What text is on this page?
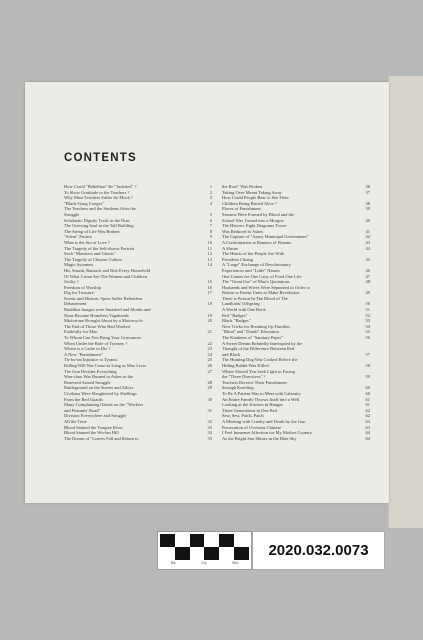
CONTENTS
How Could "Rebellion" Be "Justified" ?	1
To Show Gratitude to the Teachers ?	2
Why Must Teachers Suffer So Much ?	3
"Black-Gang Cooges"	4
The Teachers and the Students After the
Struggle	5
Scholastic Dignity Trails in the Dust	6
The Grieving Soul in the Tall Building	7
The String of Life Was Broken	8
"Silent" Protest	9
What is the Sin of Love ?	10
The Tragedy of the Self-drawn Portrait	11
Such "Monsters and Ghosts"	12
The Tragedy of Chinese Culture	13
Magic Sytonnes	14
Hit, Smash, Ransack and Rob Every Household
Of What Crime Are The Women and Children
Guilty ?	15
Freedom of Worship	16
Dig for Treasure	17
Scenic and Historic Spots Suffer Relentless
Debasement	18
Buddhist Images were Smashed and Monks and
Nuns Became Homeless Vagabonds	19
Misfortune Brought About by a Motorcycle	20
The End of Those Who Had Worked
Faithfully for Mao	21
To Whom Can You Bring Your Grievances
When Under the Rule of Tyranny ?	22
Where is a Cadre to Die ?	23
A New "Punishment"	24
Tit-for-tat Injustice to Tyrants	25
Killing Will Not Cease as Long as Mao Lives	26
The Gun Decides Everything	27
Wan-chou Was Burned to Ashes in the
Renewed Armed Struggle	28
Battleground on the Streets and Alleys	29
Civilians Were Slaughtered by Shellings
From the Red Guards	30
Many Complaining Ghosts on the "Workers
and Peasants' Road"	31
Division Everywhere and Struggle
All the Time	32
Blood Stained the Yangtze River	33
Blood Stained the Wu-lan Hill	34
The Dream of "Leaves Fall and Return to	35
the Root" Was Broken	36
Taking Over Meant Taking Away	37
How Could People Bear to See Their
Children Being Buried Alive ?	38
Places of Punishment	39
Streams Were Formed by Blood and the
School Was Turned into a Morgue	40
The Historic Eight Diagrams Tower
Was Reduced to Ashes	41
The Capture of "Amoy Municipal Government"	42
A Confrontation at Banners of Ebuano	43
A Shrine	44
The Hearts of the People Are With
President Chiang	45
A "Large" Exchange of Revolutionary
Experiences and "Little" Names	46
One Comes for One Catty of Food One Life	47
The "Great Use" of Mao's Quotations	48
Husbands and Wives Were Separated in Order to
Return to Parent Units to Make Revolution	49
There is Poison In The Blood of The
Landlords' Offspring	50
A World with One Book	51
Red "Badges"	52
Black "Badges"	53
New Tricks for Breaking Up Families	54
"Blind" and "Dumb" Education	55
The Kindness of "Sanitary Paper"	56
A Sweet Dream Belatedly Interrupted by the
Thought of the Difference Between Red
and Black	57
The Hunting Dog Was Cooked Before the
Hiding Rabbit Was Killed	58
Where Should You Seek Light to Facing
the "Three Directives" ?	59
Teachers Receive Their Punishment
through Kneeling	60
To Be A Patient Was to Meet with Calamity	60
An Entire Family Throws Itself into a Well	61
Looking at the Kitchen in Hunger	61
Three Generations in One Bed	62
Sew, Sew, Patch, Patch	62
A Meeting with Cruelty and Death by the Gun	63
Persecution of Overseas Chinese	63
I Feel Immense Affection for My Mother Country	64
As the Bright Sun Shines in the Blue Sky	64
Blk	Gry	Wht
2020.032.0073
